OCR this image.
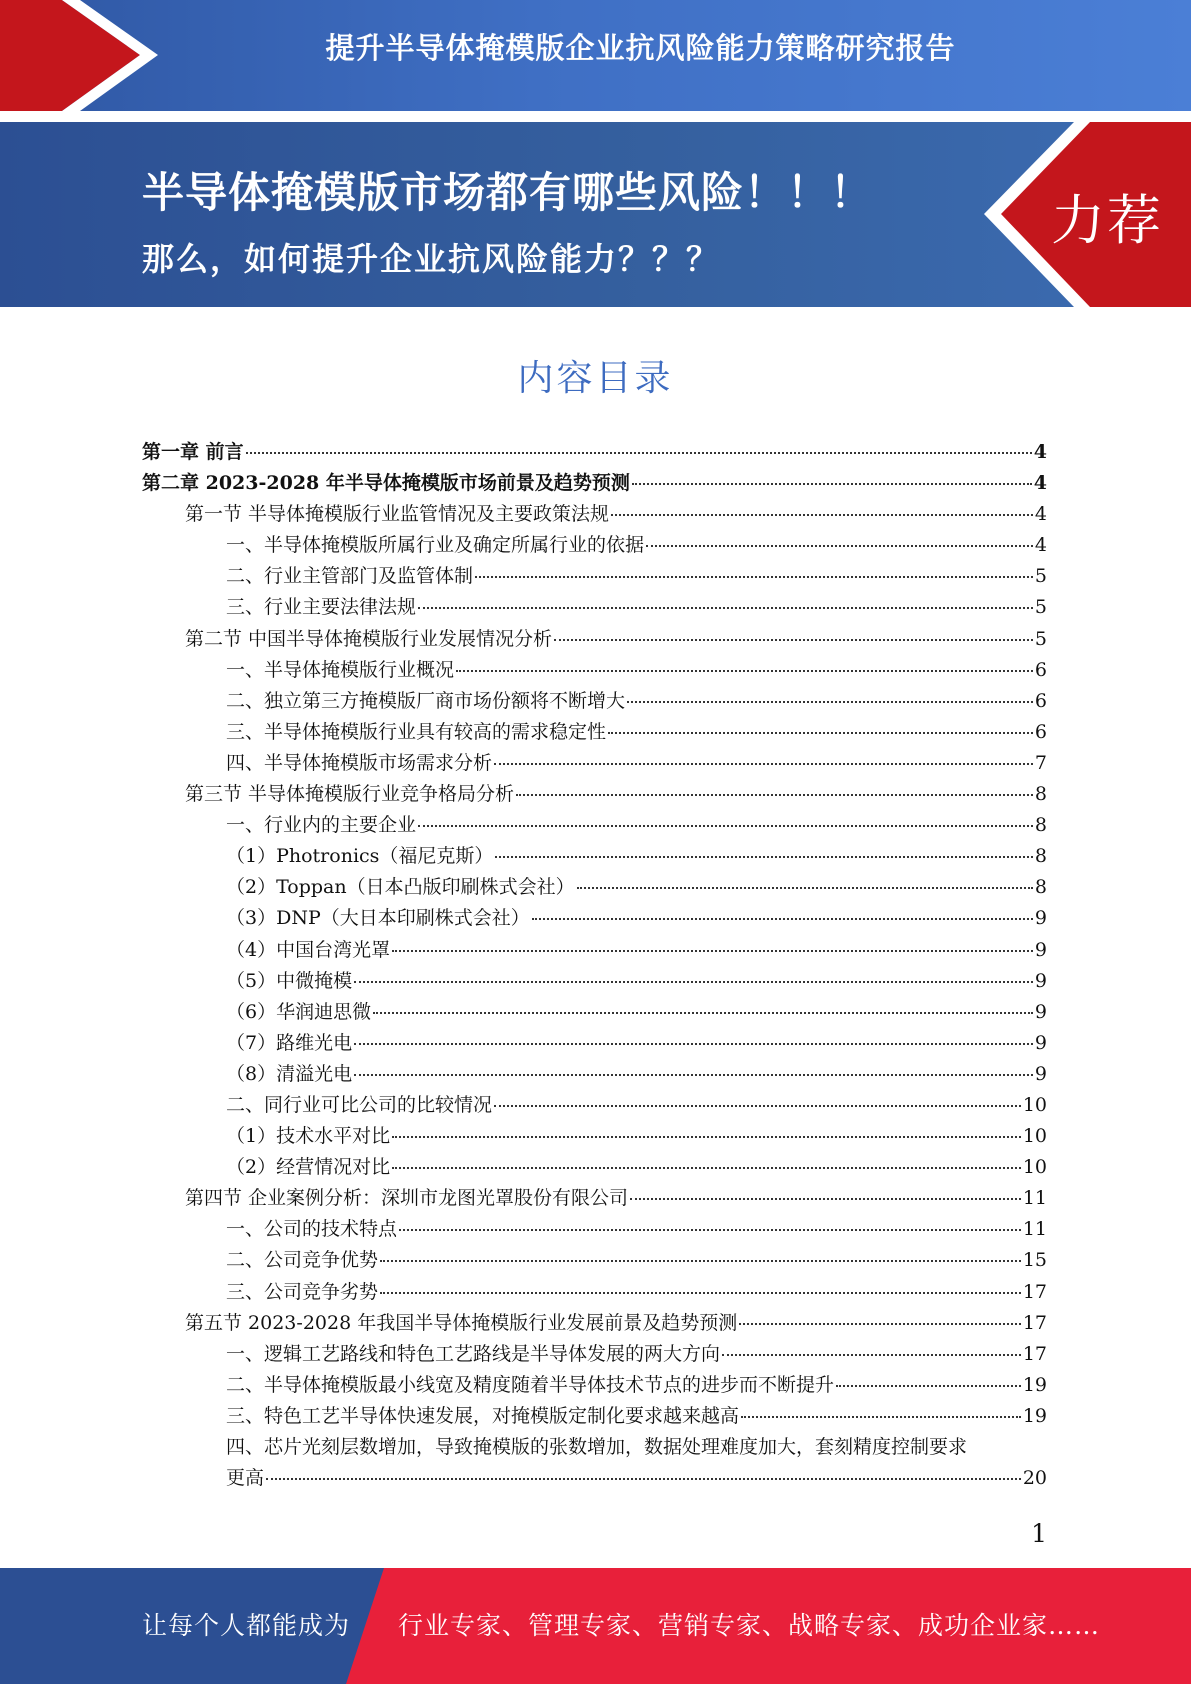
提升半导体掩模版企业抗风险能力策略研究报告
半导体掩模版市场都有哪些风险！！！
那么，如何提升企业抗风险能力？？？
力荐
内容目录
第一章 前言	4
第二章 2023-2028 年半导体掩模版市场前景及趋势预测	4
第一节 半导体掩模版行业监管情况及主要政策法规	4
一、半导体掩模版所属行业及确定所属行业的依据	4
二、行业主管部门及监管体制	5
三、行业主要法律法规	5
第二节 中国半导体掩模版行业发展情况分析	5
一、半导体掩模版行业概况	6
二、独立第三方掩模版厂商市场份额将不断增大	6
三、半导体掩模版行业具有较高的需求稳定性	6
四、半导体掩模版市场需求分析	7
第三节 半导体掩模版行业竞争格局分析	8
一、行业内的主要企业	8
（1）Photronics（福尼克斯）	8
（2）Toppan（日本凸版印刷株式会社）	8
（3）DNP（大日本印刷株式会社）	9
（4）中国台湾光罩	9
（5）中微掩模	9
（6）华润迪思微	9
（7）路维光电	9
（8）清溢光电	9
二、同行业可比公司的比较情况	10
（1）技术水平对比	10
（2）经营情况对比	10
第四节 企业案例分析：深圳市龙图光罩股份有限公司	11
一、公司的技术特点	11
二、公司竞争优势	15
三、公司竞争劣势	17
第五节 2023-2028 年我国半导体掩模版行业发展前景及趋势预测	17
一、逻辑工艺路线和特色工艺路线是半导体发展的两大方向	17
二、半导体掩模版最小线宽及精度随着半导体技术节点的进步而不断提升	19
三、特色工艺半导体快速发展，对掩模版定制化要求越来越高	19
四、芯片光刻层数增加，导致掩模版的张数增加，数据处理难度加大，套刻精度控制要求
更高	20
1
让每个人都能成为 行业专家、管理专家、营销专家、战略专家、成功企业家……
